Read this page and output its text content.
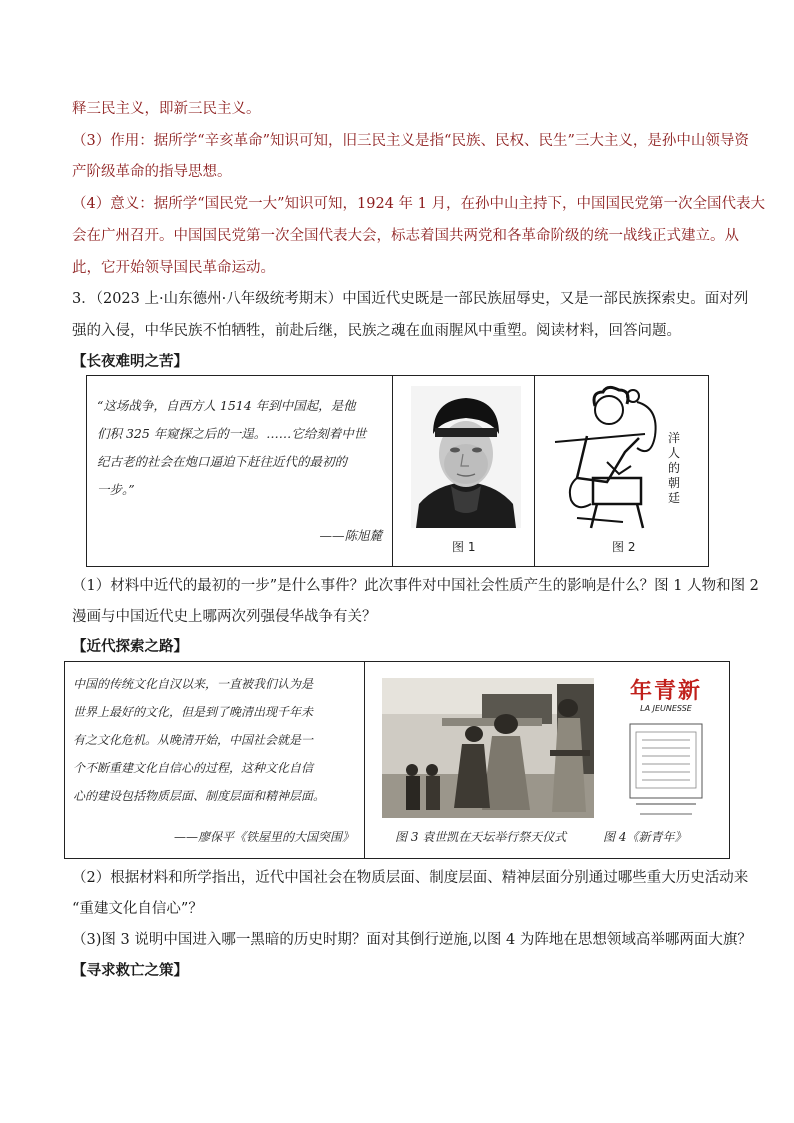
释三民主义，即新三民主义。
（3）作用：据所学“辛亥革命”知识可知，旧三民主义是指“民族、民权、民生”三大主义，是孙中山领导资
产阶级革命的指导思想。
（4）意义：据所学“国民党一大”知识可知，1924 年 1 月，在孙中山主持下，中国国民党第一次全国代表大
会在广州召开。中国国民党第一次全国代表大会，标志着国共两党和各革命阶级的统一战线正式建立。从
此，它开始领导国民革命运动。
3．（2023 上·山东德州·八年级统考期末）中国近代史既是一部民族屈辱史，又是一部民族探索史。面对列
强的入侵，中华民族不怕牺牲，前赴后继，民族之魂在血雨腥风中重塑。阅读材料，回答问题。
【长夜难明之苦】
“这场战争，自西方人 1514 年到中国起，是他
们积 325 年窥探之后的一逞。……它给刻着中世
纪古老的社会在炮口逼迫下赶往近代的最初的
一步。”
——陈旭麓
图 1
洋
人
的
朝
廷
图 2
（1）材料中近代的最初的一步”是什么事件？此次事件对中国社会性质产生的影响是什么？图 1 人物和图 2
漫画与中国近代史上哪两次列强侵华战争有关？
【近代探索之路】
中国的传统文化自汉以来，一直被我们认为是
世界上最好的文化，但是到了晚清出现千年未
有之文化危机。从晚清开始，中国社会就是一
个不断重建文化自信心的过程，这种文化自信
心的建设包括物质层面、制度层面和精神层面。
——廖保平《铁屋里的大国突围》
年青新
LA JEUNESSE
图 3 袁世凯在天坛举行祭天仪式	图 4《新青年》
（2）根据材料和所学指出，近代中国社会在物质层面、制度层面、精神层面分别通过哪些重大历史活动来
“重建文化自信心”？
（3)图 3 说明中国进入哪一黑暗的历史时期？面对其倒行逆施,以图 4 为阵地在思想领域高举哪两面大旗？
【寻求救亡之策】
